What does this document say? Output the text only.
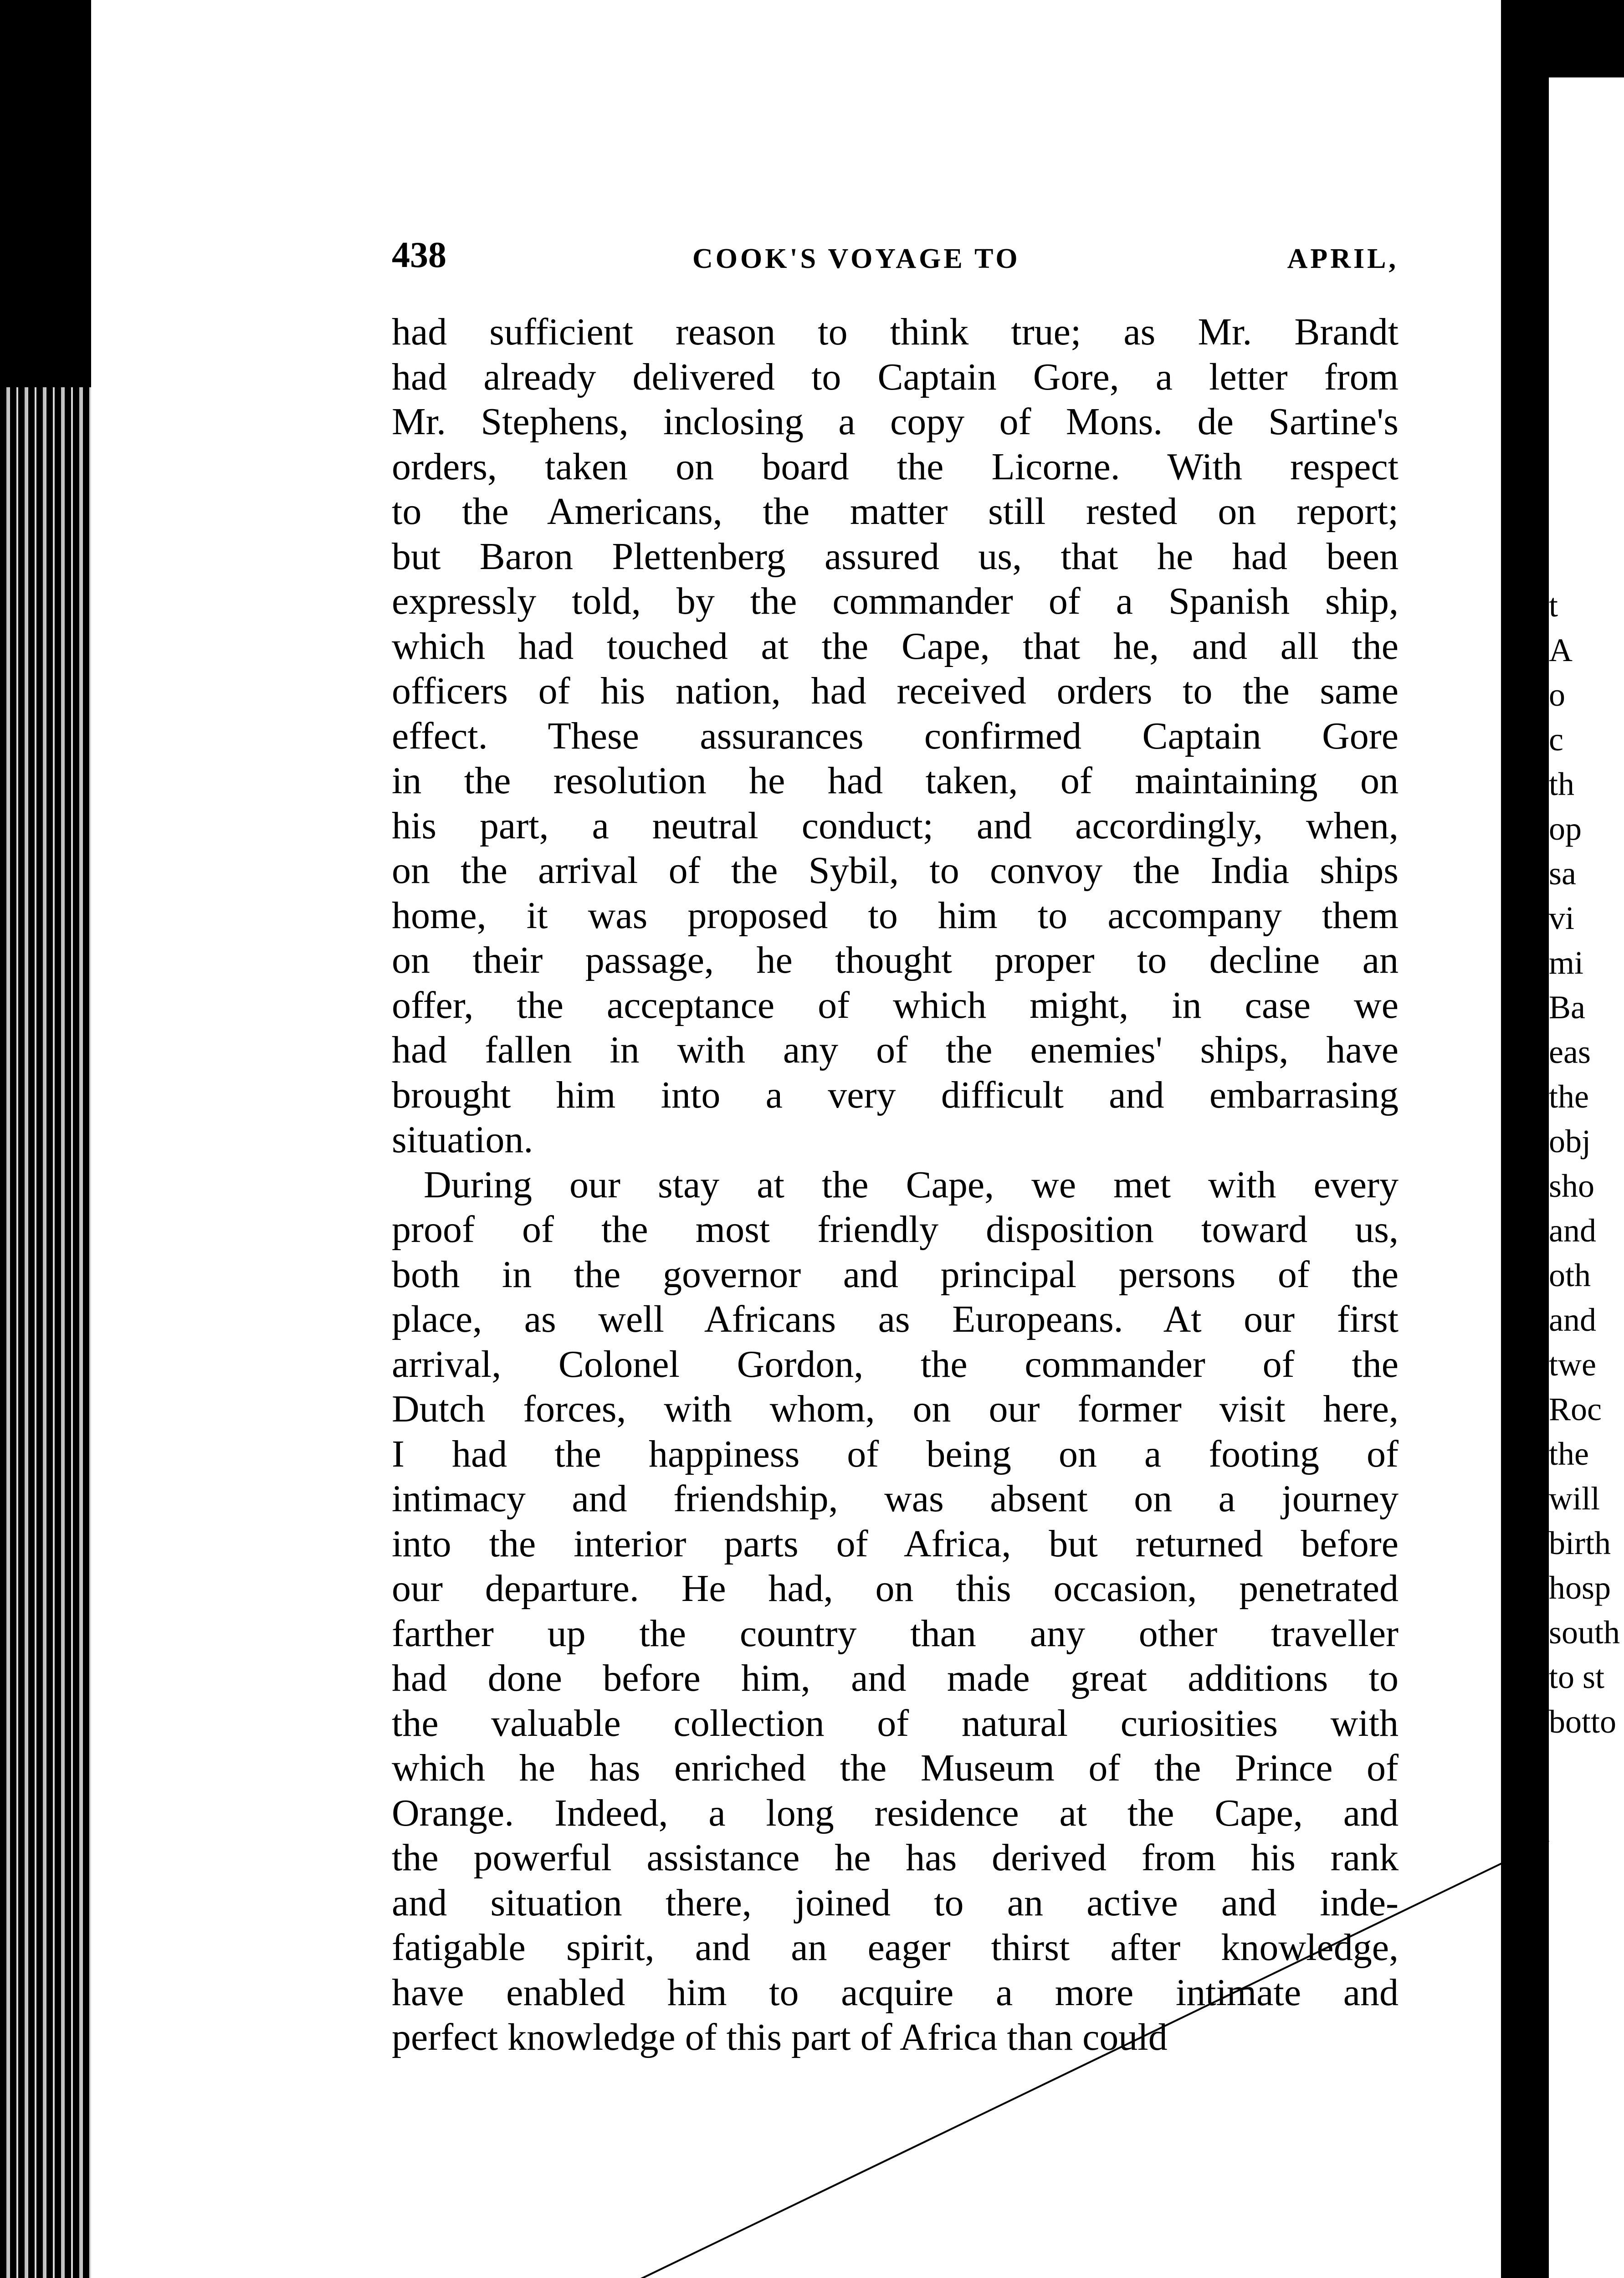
438	COOK'S VOYAGE TO	APRIL,
had sufficient reason to think true; as Mr. Brandt
had already delivered to Captain Gore, a letter from
Mr. Stephens, inclosing a copy of Mons. de Sartine's
orders, taken on board the Licorne. With respect
to the Americans, the matter still rested on report;
but Baron Plettenberg assured us, that he had been
expressly told, by the commander of a Spanish ship,
which had touched at the Cape, that he, and all the
officers of his nation, had received orders to the same
effect. These assurances confirmed Captain Gore
in the resolution he had taken, of maintaining on
his part, a neutral conduct; and accordingly, when,
on the arrival of the Sybil, to convoy the India ships
home, it was proposed to him to accompany them
on their passage, he thought proper to decline an
offer, the acceptance of which might, in case we
had fallen in with any of the enemies' ships, have
brought him into a very difficult and embarrasing
situation.
During our stay at the Cape, we met with every
proof of the most friendly disposition toward us,
both in the governor and principal persons of the
place, as well Africans as Europeans. At our first
arrival, Colonel Gordon, the commander of the
Dutch forces, with whom, on our former visit here,
I had the happiness of being on a footing of
intimacy and friendship, was absent on a journey
into the interior parts of Africa, but returned before
our departure. He had, on this occasion, penetrated
farther up the country than any other traveller
had done before him, and made great additions to
the valuable collection of natural curiosities with
which he has enriched the Museum of the Prince of
Orange. Indeed, a long residence at the Cape, and
the powerful assistance he has derived from his rank
and situation there, joined to an active and inde-
fatigable spirit, and an eager thirst after knowledge,
have enabled him to acquire a more intimate and
perfect knowledge of this part of Africa than could
t
A
o
c
th
op
sa
vi
mi
Ba
eas
the
obj
sho
and
oth
and
twe
Roc
the
will
birth
hosp
south
to st
botto
